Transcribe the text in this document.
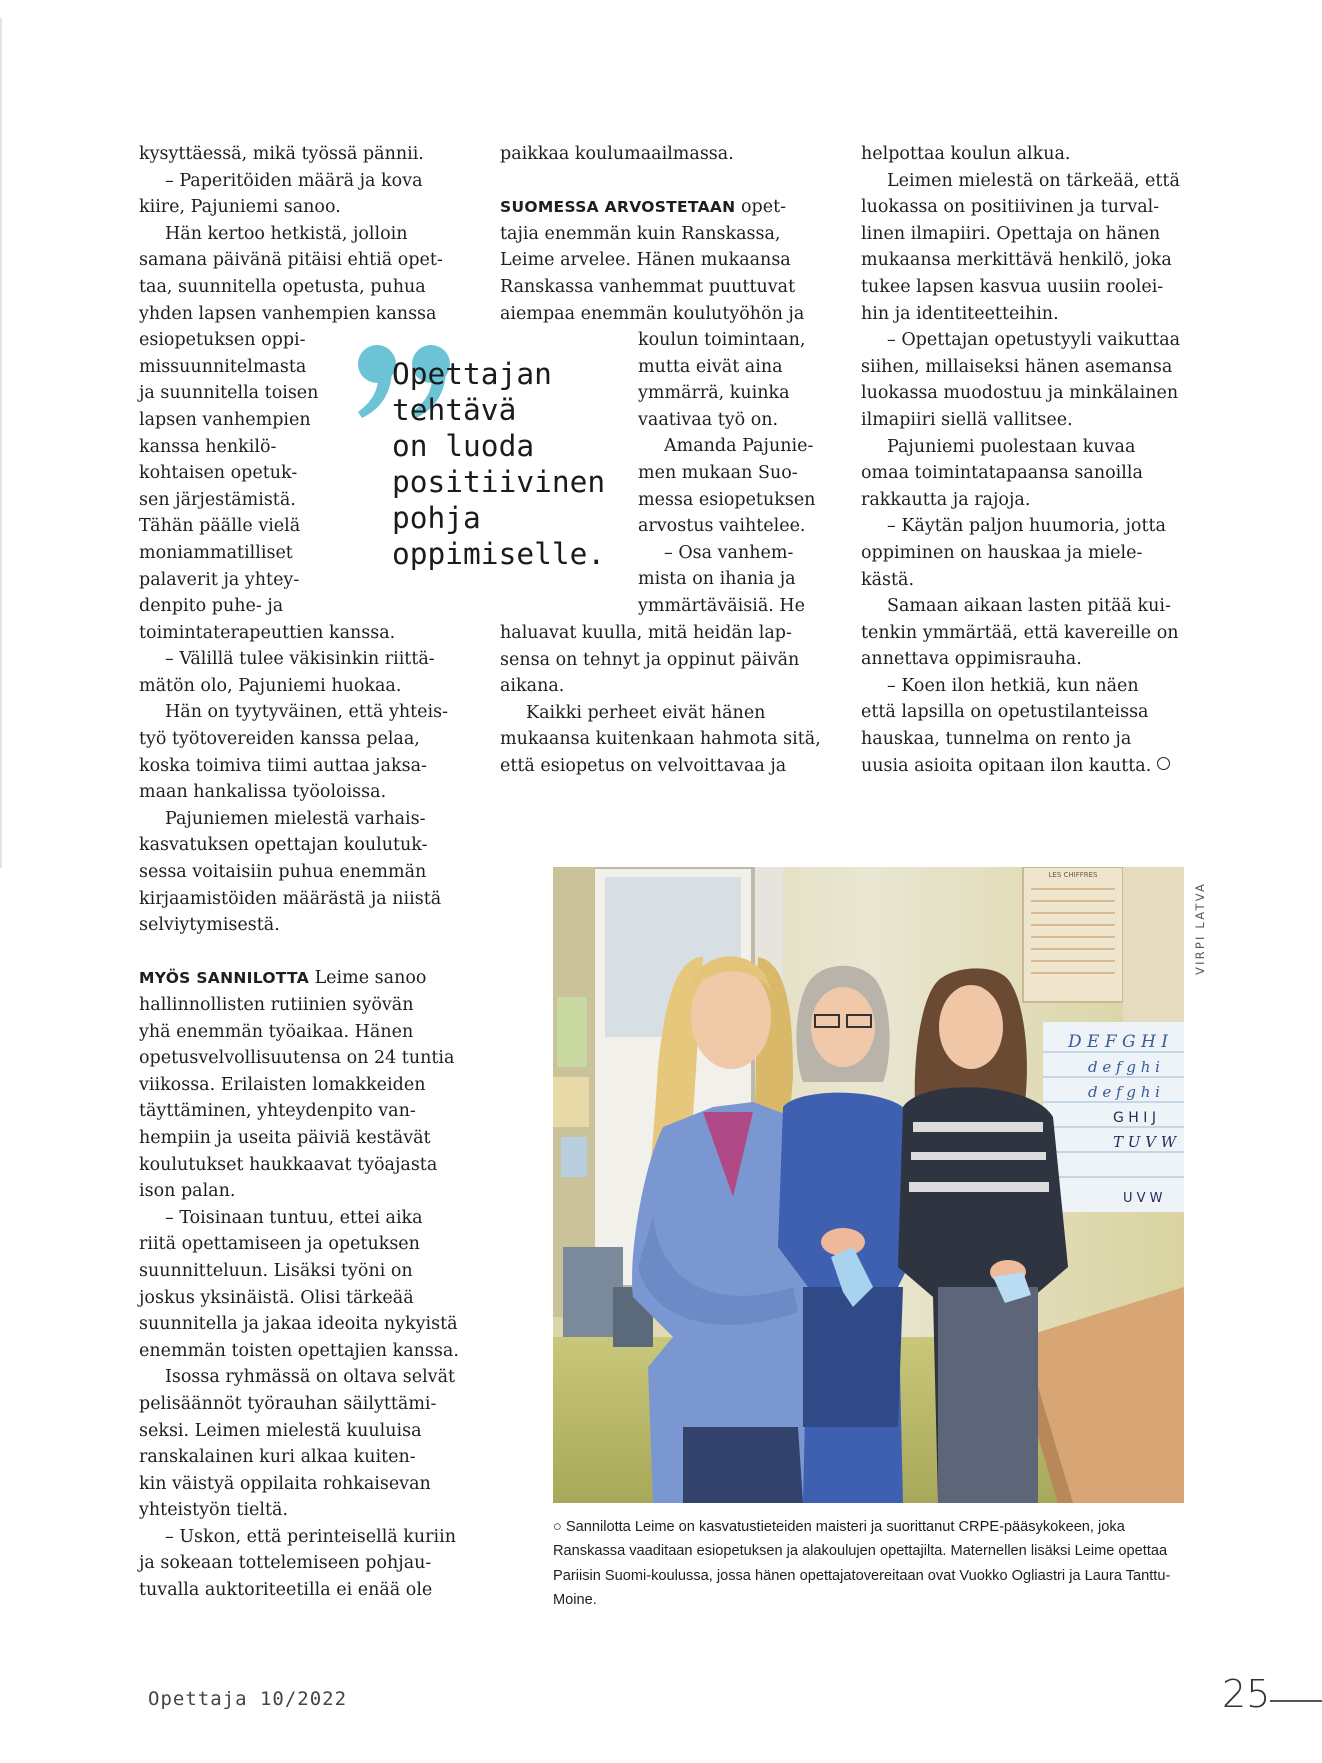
kysyttäessä, mikä työssä pännii.

– Paperitöiden määrä ja kova

kiire, Pajuniemi sanoo.

Hän kertoo hetkistä, jolloin

samana päivänä pitäisi ehtiä opet-

taa, suunnitella opetusta, puhua

yhden lapsen vanhempien kanssa

esiopetuksen oppi-

missuunnitelmasta

ja suunnitella toisen

lapsen vanhempien

kanssa henkilö-

kohtaisen opetuk-

sen järjestämistä.

Tähän päälle vielä

moniammatilliset

palaverit ja yhtey-

denpito puhe- ja

toimintaterapeuttien kanssa.

– Välillä tulee väkisinkin riittä-

mätön olo, Pajuniemi huokaa.

Hän on tyytyväinen, että yhteis-

työ työtovereiden kanssa pelaa,

koska toimiva tiimi auttaa jaksa-

maan hankalissa työoloissa.

Pajuniemen mielestä varhais-

kasvatuksen opettajan koulutuk-

sessa voitaisiin puhua enemmän

kirjaamistöiden määrästä ja niistä

selviytymisestä.

MYÖS SANNILOTTA Leime sanoo

hallinnollisten rutiinien syövän

yhä enemmän työaikaa. Hänen

opetusvelvollisuutensa on 24 tuntia

viikossa. Erilaisten lomakkeiden

täyttäminen, yhteydenpito van-

hempiin ja useita päiviä kestävät

koulutukset haukkaavat työajasta

ison palan.

– Toisinaan tuntuu, ettei aika

riitä opettamiseen ja opetuksen

suunnitteluun. Lisäksi työni on

joskus yksinäistä. Olisi tärkeää

suunnitella ja jakaa ideoita nykyistä

enemmän toisten opettajien kanssa.

Isossa ryhmässä on oltava selvät

pelisäännöt työrauhan säilyttämi-

seksi. Leimen mielestä kuuluisa

ranskalainen kuri alkaa kuiten-

kin väistyä oppilaita rohkaisevan

yhteistyön tieltä.

– Uskon, että perinteisellä kuriin

ja sokeaan tottelemiseen pohjau-

tuvalla auktoriteetilla ei enää ole

paikkaa koulumaailmassa.

SUOMESSA ARVOSTETAAN opet-

tajia enemmän kuin Ranskassa,

Leime arvelee. Hänen mukaansa

Ranskassa vanhemmat puuttuvat

aiempaa enemmän koulutyöhön ja

koulun toimintaan,

mutta eivät aina

ymmärrä, kuinka

vaativaa työ on.

Amanda Pajunie-

men mukaan Suo-

messa esiopetuksen

arvostus vaihtelee.

– Osa vanhem-

mista on ihania ja

ymmärtäväisiä. He

haluavat kuulla, mitä heidän lap-

sensa on tehnyt ja oppinut päivän

aikana.

Kaikki perheet eivät hänen

mukaansa kuitenkaan hahmota sitä,

että esiopetus on velvoittavaa ja

helpottaa koulun alkua.

Leimen mielestä on tärkeää, että

luokassa on positiivinen ja turval-

linen ilmapiiri. Opettaja on hänen

mukaansa merkittävä henkilö, joka

tukee lapsen kasvua uusiin roolei-

hin ja identiteetteihin.

– Opettajan opetustyyli vaikuttaa

siihen, millaiseksi hänen asemansa

luokassa muodostuu ja minkälainen

ilmapiiri siellä vallitsee.

Pajuniemi puolestaan kuvaa

omaa toimintatapaansa sanoilla

rakkautta ja rajoja.

– Käytän paljon huumoria, jotta

oppiminen on hauskaa ja miele-

kästä.

Samaan aikaan lasten pitää kui-

tenkin ymmärtää, että kavereille on

annettava oppimisrauha.

– Koen ilon hetkiä, kun näen

että lapsilla on opetustilanteissa

hauskaa, tunnelma on rento ja

uusia asioita opitaan ilon kautta.

Opettajan
tehtävä
on luoda
positiivinen
pohja
oppimiselle.
LES CHIFFRES
D E F G H I
d e f g h i
d e f g h i
G H I J
T U V W
U V W
VIRPI LATVA
○ Sannilotta Leime on kasvatustieteiden maisteri ja suorittanut CRPE-pääsykokeen, joka Ranskassa vaaditaan esiopetuksen ja alakoulujen opettajilta. Maternellen lisäksi Leime opettaa Pariisin Suomi-koulussa, jossa hänen opettajatovereitaan ovat Vuokko Ogliastri ja Laura Tanttu-Moine.
Opettaja 10/2022	25
